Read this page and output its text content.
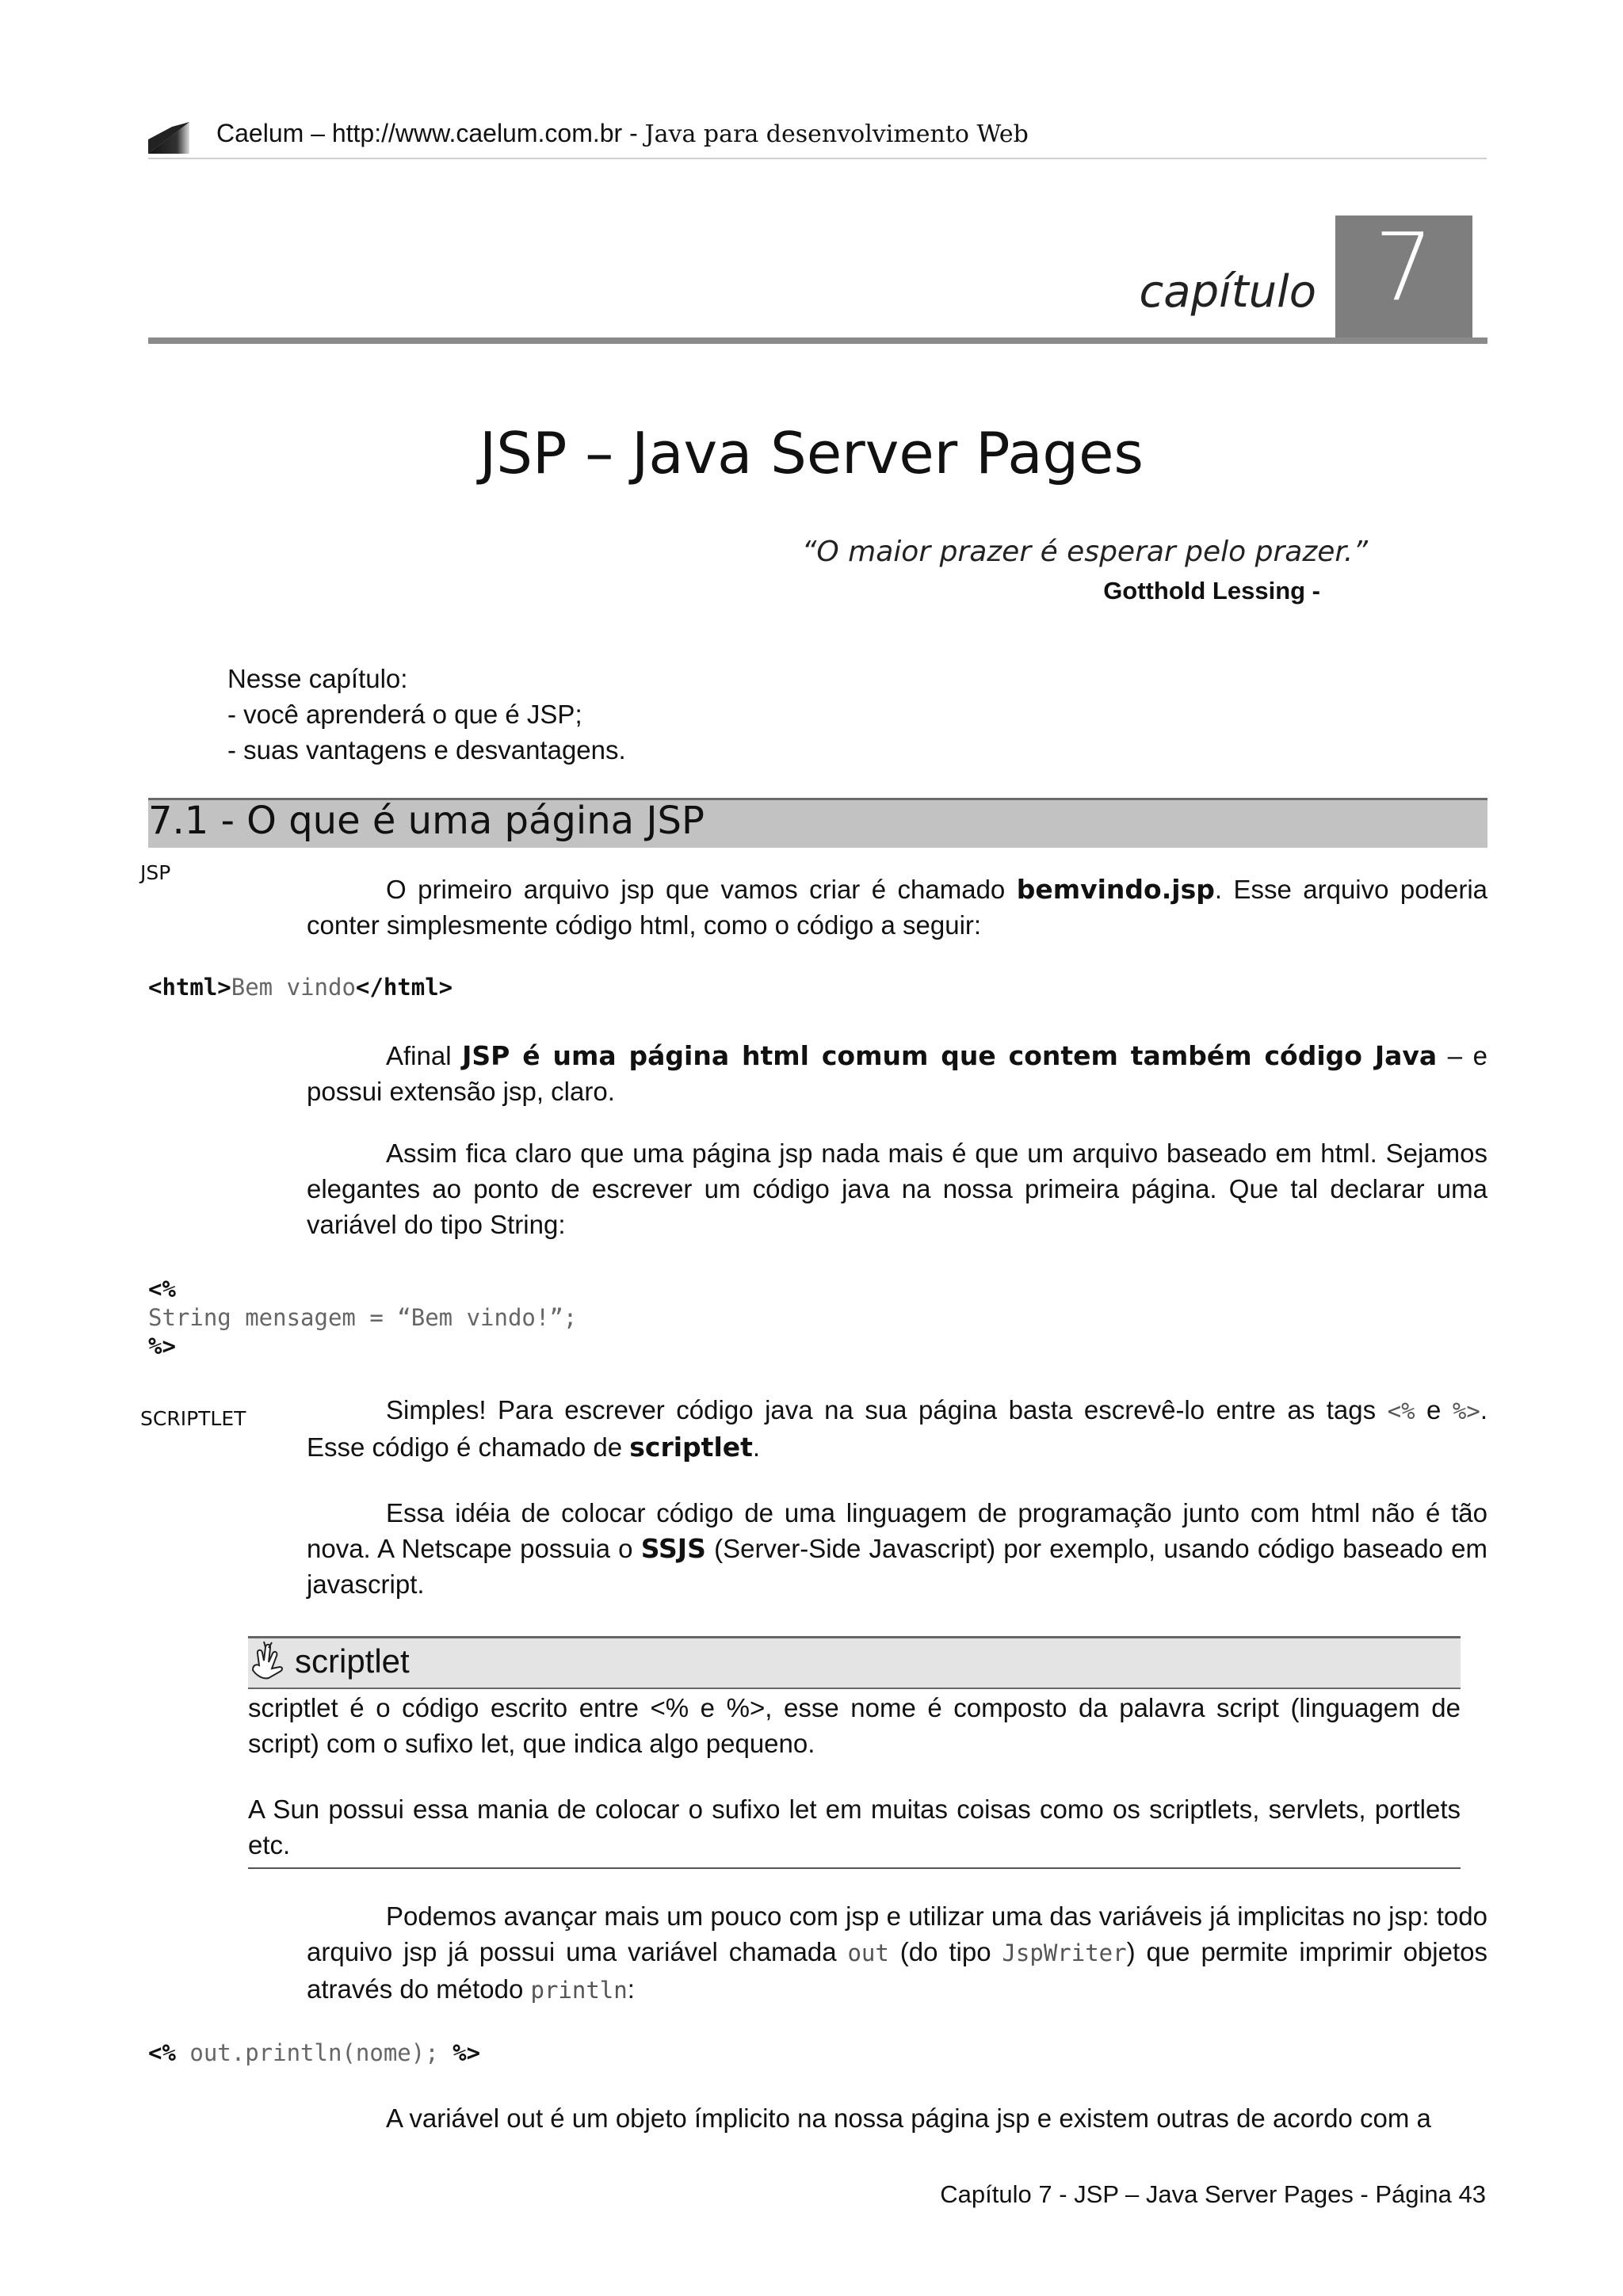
Caelum – http://www.caelum.com.br - Java para desenvolvimento Web
capítulo 7
JSP – Java Server Pages
“O maior prazer é esperar pelo prazer.”
Gotthold Lessing -
Nesse capítulo:
- você aprenderá o que é JSP;
- suas vantagens e desvantagens.
7.1 - O que é uma página JSP
JSP
O primeiro arquivo jsp que vamos criar é chamado bemvindo.jsp. Esse arquivo poderia conter simplesmente código html, como o código a seguir:
<html>Bem vindo</html>
Afinal JSP é uma página html comum que contem também código Java – e possui extensão jsp, claro.
Assim fica claro que uma página jsp nada mais é que um arquivo baseado em html. Sejamos elegantes ao ponto de escrever um código java na nossa primeira página. Que tal declarar uma variável do tipo String:
<%
String mensagem = “Bem vindo!”;
%>
SCRIPTLET	Simples! Para escrever código java na sua página basta escrevê-lo entre as tags <% e %>. Esse código é chamado de scriptlet.
Essa idéia de colocar código de uma linguagem de programação junto com html não é tão nova. A Netscape possuia o SSJS (Server-Side Javascript) por exemplo, usando código baseado em javascript.
scriptlet
scriptlet é o código escrito entre <% e %>, esse nome é composto da palavra script (linguagem de script) com o sufixo let, que indica algo pequeno.
A Sun possui essa mania de colocar o sufixo let em muitas coisas como os scriptlets, servlets, portlets etc.
Podemos avançar mais um pouco com jsp e utilizar uma das variáveis já implicitas no jsp: todo arquivo jsp já possui uma variável chamada out (do tipo JspWriter) que permite imprimir objetos através do método println:
<% out.println(nome); %>
A variável out é um objeto ímplicito na nossa página jsp e existem outras de acordo com a
Capítulo 7 - JSP – Java Server Pages - Página 43
